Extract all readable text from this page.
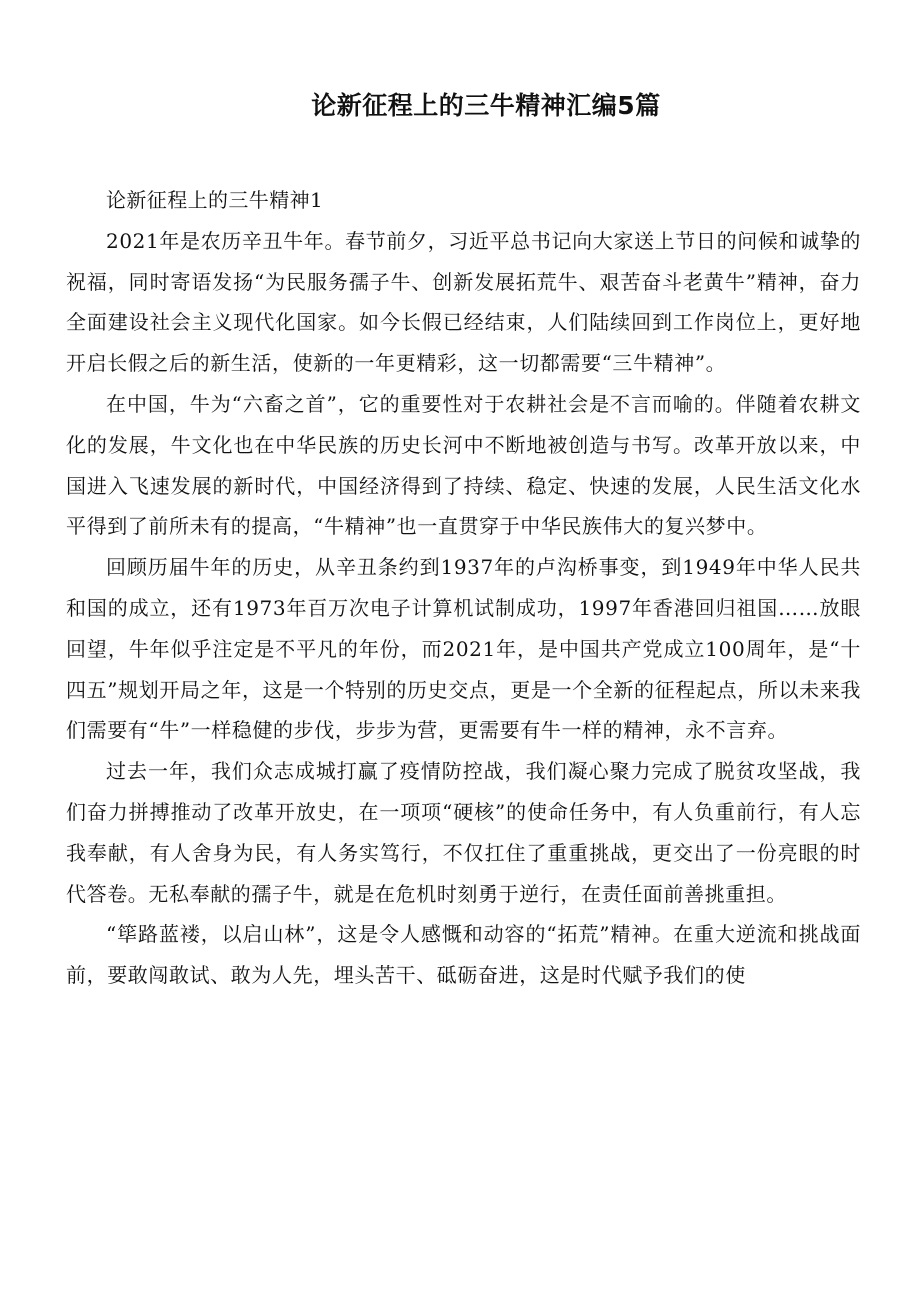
论新征程上的三牛精神汇编5篇

论新征程上的三牛精神1

2021年是农历辛丑牛年。春节前夕，习近平总书记向大家送上节日的问候和诚挚的祝福，同时寄语发扬“为民服务孺子牛、创新发展拓荒牛、艰苦奋斗老黄牛”精神，奋力全面建设社会主义现代化国家。如今长假已经结束，人们陆续回到工作岗位上，更好地开启长假之后的新生活，使新的一年更精彩，这一切都需要“三牛精神”。

在中国，牛为“六畜之首”，它的重要性对于农耕社会是不言而喻的。伴随着农耕文化的发展，牛文化也在中华民族的历史长河中不断地被创造与书写。改革开放以来，中国进入飞速发展的新时代，中国经济得到了持续、稳定、快速的发展，人民生活文化水平得到了前所未有的提高，“牛精神”也一直贯穿于中华民族伟大的复兴梦中。

回顾历届牛年的历史，从辛丑条约到1937年的卢沟桥事变，到1949年中华人民共和国的成立，还有1973年百万次电子计算机试制成功，1997年香港回归祖国……放眼回望，牛年似乎注定是不平凡的年份，而2021年，是中国共产党成立100周年，是“十四五”规划开局之年，这是一个特别的历史交点，更是一个全新的征程起点，所以未来我们需要有“牛”一样稳健的步伐，步步为营，更需要有牛一样的精神，永不言弃。

过去一年，我们众志成城打赢了疫情防控战，我们凝心聚力完成了脱贫攻坚战，我们奋力拼搏推动了改革开放史，在一项项“硬核”的使命任务中，有人负重前行，有人忘我奉献，有人舍身为民，有人务实笃行，不仅扛住了重重挑战，更交出了一份亮眼的时代答卷。无私奉献的孺子牛，就是在危机时刻勇于逆行，在责任面前善挑重担。

“筚路蓝褛，以启山林”，这是令人感慨和动容的“拓荒”精神。在重大逆流和挑战面前，要敢闯敢试、敢为人先，埋头苦干、砥砺奋进，这是时代赋予我们的使
